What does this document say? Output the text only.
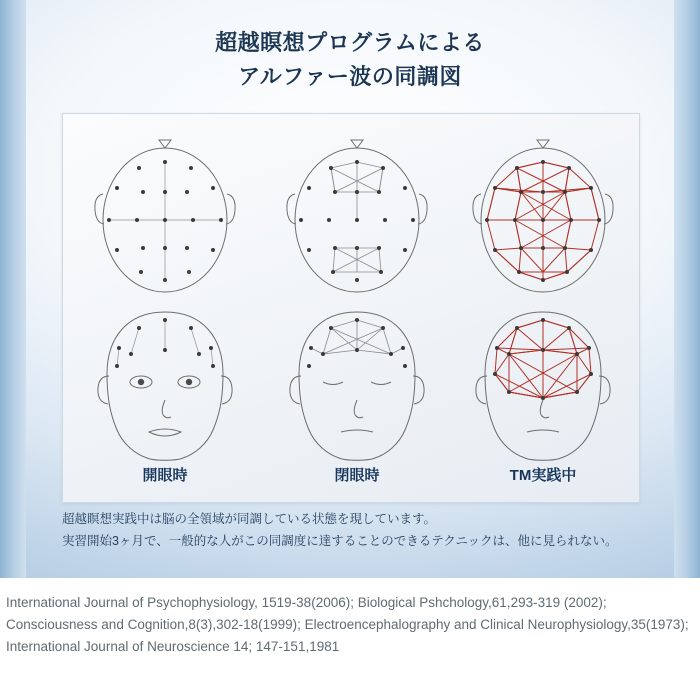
超越瞑想プログラムによる
アルファー波の同調図
開眼時	閉眼時	TM実践中
超越瞑想実践中は脳の全領域が同調している状態を現しています。
実習開始3ヶ月で、一般的な人がこの同調度に達することのできるテクニックは、他に見られない。
International Journal of Psychophysiology, 1519-38(2006); Biological Pshchology,61,293-319 (2002); Consciousness and Cognition,8(3),302-18(1999); Electroencephalography and Clinical Neurophysiology,35(1973); International Journal of Neuroscience 14; 147-151,1981
